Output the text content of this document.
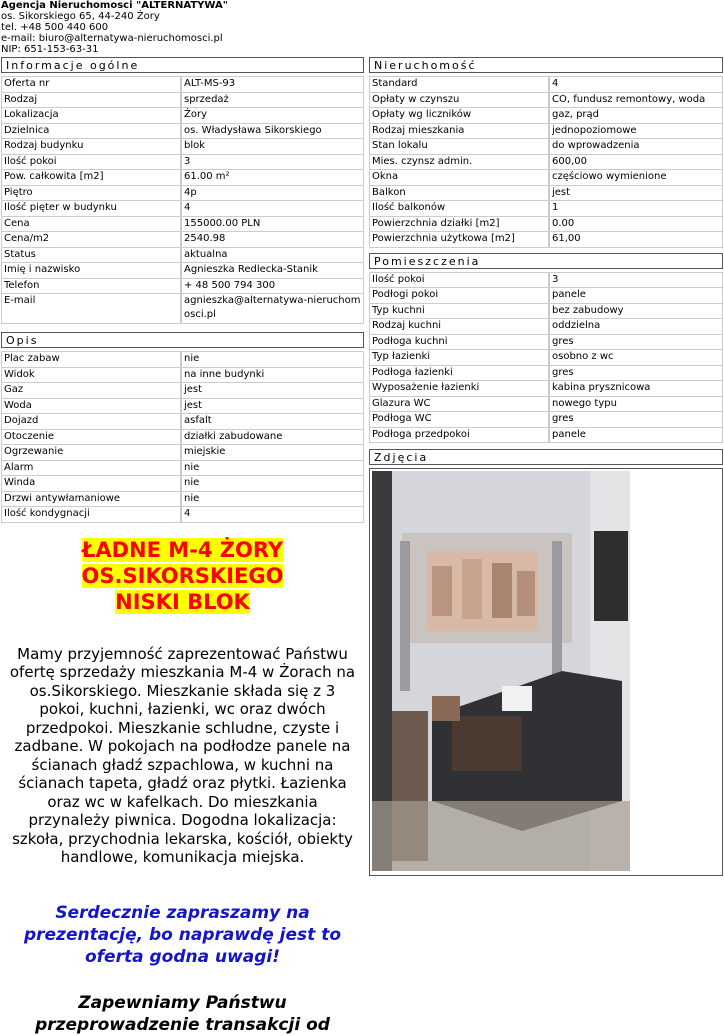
Agencja Nieruchomosci "ALTERNATYWA"
os. Sikorskiego 65, 44-240 Żory
tel. +48 500 440 600
e-mail: biuro@alternatywa-nieruchomosci.pl
NIP: 651-153-63-31
Informacje ogólne
Oferta nr	ALT-MS-93
Rodzaj	sprzedaż
Lokalizacja	Żory
Dzielnica	os. Władysława Sikorskiego
Rodzaj budynku	blok
Ilość pokoi	3
Pow. całkowita [m2]	61.00 m²
Piętro	4p
Ilość pięter w budynku	4
Cena	155000.00 PLN
Cena/m2	2540.98
Status	aktualna
Imię i nazwisko	Agnieszka Redlecka-Stanik
Telefon	+ 48 500 794 300
E-mail	agnieszka@alternatywa-nieruchomosci.pl
Opis
Plac zabaw	nie
Widok	na inne budynki
Gaz	jest
Woda	jest
Dojazd	asfalt
Otoczenie	działki zabudowane
Ogrzewanie	miejskie
Alarm	nie
Winda	nie
Drzwi antywłamaniowe	nie
Ilość kondygnacji	4
ŁADNE M-4 ŻORY
OS.SIKORSKIEGO
NISKI BLOK
Mamy przyjemność zaprezentować Państwu ofertę sprzedaży mieszkania M-4 w Żorach na os.Sikorskiego. Mieszkanie składa się z 3 pokoi, kuchni, łazienki, wc oraz dwóch przedpokoi. Mieszkanie schludne, czyste i zadbane. W pokojach na podłodze panele na ścianach gładź szpachlowa, w kuchni na ścianach tapeta, gładź oraz płytki. Łazienka oraz wc w kafelkach. Do mieszkania przynależy piwnica. Dogodna lokalizacja: szkoła, przychodnia lekarska, kościół, obiekty handlowe, komunikacja miejska.
Serdecznie zapraszamy na prezentację, bo naprawdę jest to oferta godna uwagi!
Zapewniamy Państwu przeprowadzenie transakcji od
Nieruchomość
Standard	4
Opłaty w czynszu	CO, fundusz remontowy, woda
Opłaty wg liczników	gaz, prąd
Rodzaj mieszkania	jednopoziomowe
Stan lokalu	do wprowadzenia
Mies. czynsz admin.	600,00
Okna	częściowo wymienione
Balkon	jest
Ilość balkonów	1
Powierzchnia działki [m2]	0.00
Powierzchnia użytkowa [m2]	61,00
Pomieszczenia
Ilość pokoi	3
Podłogi pokoi	panele
Typ kuchni	bez zabudowy
Rodzaj kuchni	oddzielna
Podłoga kuchni	gres
Typ łazienki	osobno z wc
Podłoga łazienki	gres
Wyposażenie łazienki	kabina prysznicowa
Glazura WC	nowego typu
Podłoga WC	gres
Podłoga przedpokoi	panele
Zdjęcia
